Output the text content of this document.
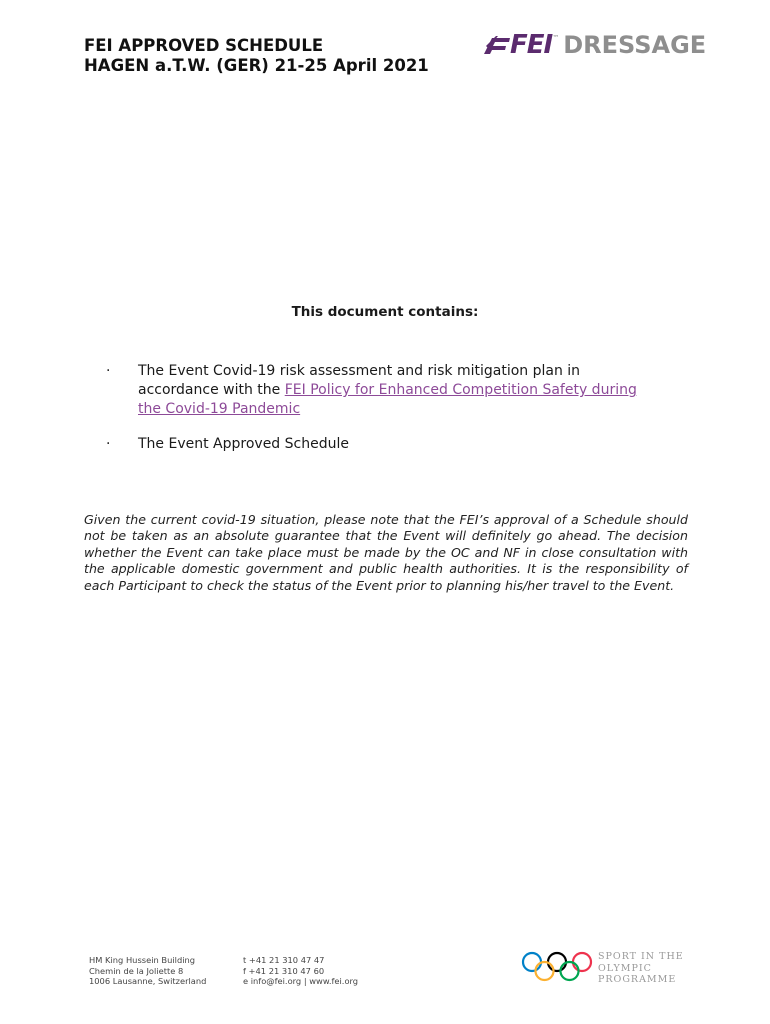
FEI APPROVED SCHEDULE
HAGEN a.T.W. (GER) 21-25 April 2021
FEI ™ DRESSAGE
This document contains:
·	The Event Covid-19 risk assessment and risk mitigation plan in accordance with the FEI Policy for Enhanced Competition Safety during the Covid-19 Pandemic
·	The Event Approved Schedule
Given the current covid-19 situation, please note that the FEI’s approval of a Schedule should not be taken as an absolute guarantee that the Event will definitely go ahead. The decision whether the Event can take place must be made by the OC and NF in close consultation with the applicable domestic government and public health authorities. It is the responsibility of each Participant to check the status of the Event prior to planning his/her travel to the Event.
HM King Hussein Building
Chemin de la Joliette 8
1006 Lausanne, Switzerland
t +41 21 310 47 47
f +41 21 310 47 60
e info@fei.org | www.fei.org
SPORT IN THE
OLYMPIC
PROGRAMME
